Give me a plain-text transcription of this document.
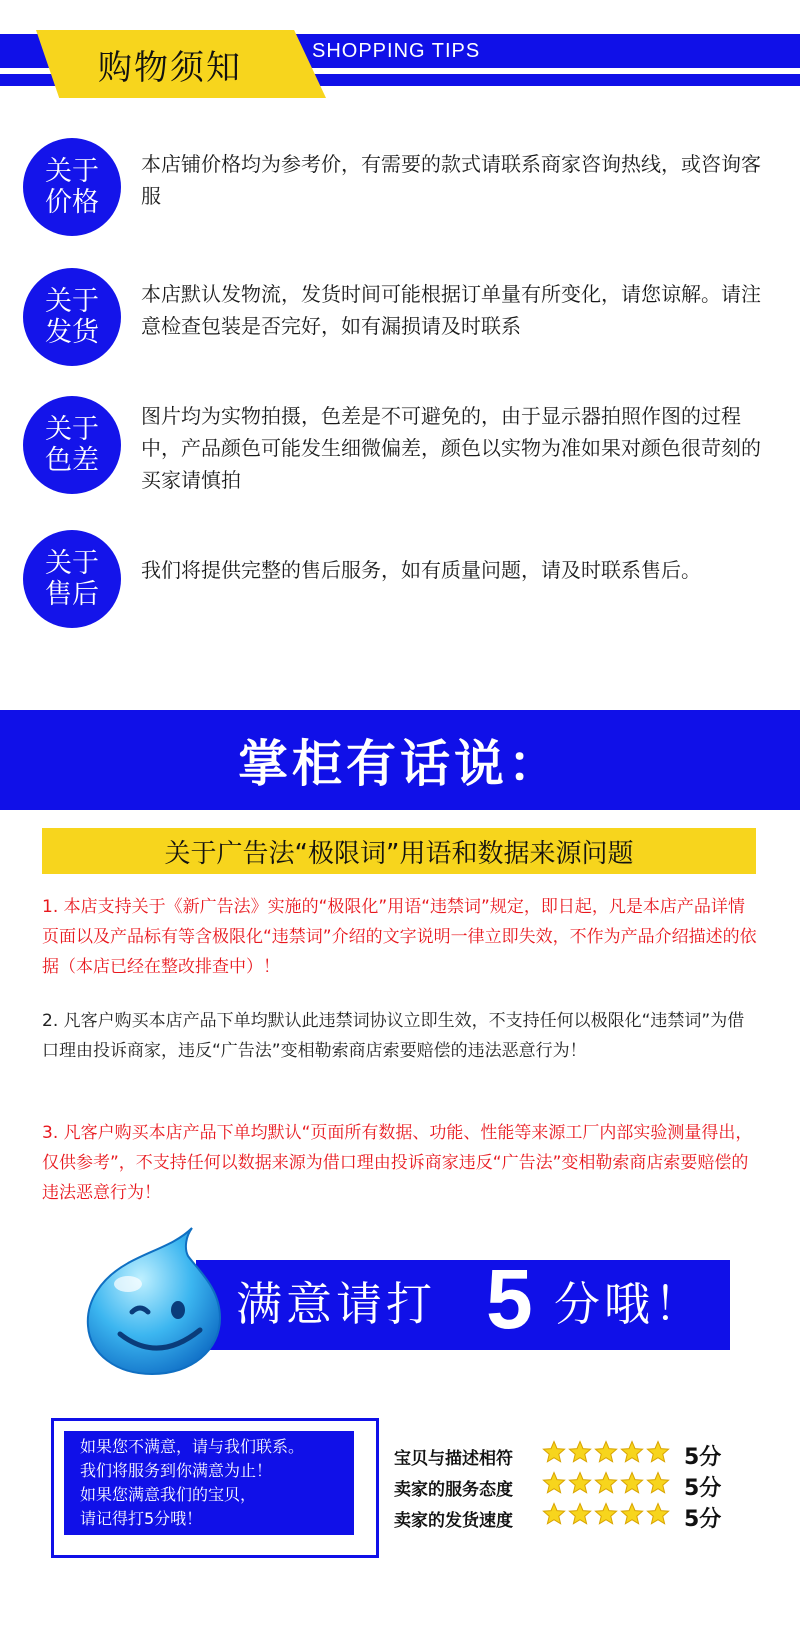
购物须知	SHOPPING TIPS
关于价格
本店铺价格均为参考价，有需要的款式请联系商家咨询热线，或咨询客服
关于发货
本店默认发物流，发货时间可能根据订单量有所变化，请您谅解。请注意检查包装是否完好，如有漏损请及时联系
关于色差
图片均为实物拍摄，色差是不可避免的，由于显示器拍照作图的过程中，产品颜色可能发生细微偏差，颜色以实物为准如果对颜色很苛刻的买家请慎拍
关于售后
我们将提供完整的售后服务，如有质量问题，请及时联系售后。
掌柜有话说：
关于广告法“极限词”用语和数据来源问题
1. 本店支持关于《新广告法》实施的“极限化”用语“违禁词”规定，即日起，凡是本店产品详情页面以及产品标有等含极限化“违禁词”介绍的文字说明一律立即失效，不作为产品介绍描述的依据（本店已经在整改排查中）！
2. 凡客户购买本店产品下单均默认此违禁词协议立即生效，不支持任何以极限化“违禁词”为借口理由投诉商家，违反“广告法”变相勒索商店索要赔偿的违法恶意行为！
3. 凡客户购买本店产品下单均默认“页面所有数据、功能、性能等来源工厂内部实验测量得出，仅供参考”，不支持任何以数据来源为借口理由投诉商家违反“广告法”变相勒索商店索要赔偿的违法恶意行为！
满意请打 5 分哦！
如果您不满意，请与我们联系。
我们将服务到你满意为止！
如果您满意我们的宝贝，
请记得打5分哦！
宝贝与描述相符	5分
卖家的服务态度	5分
卖家的发货速度	5分
